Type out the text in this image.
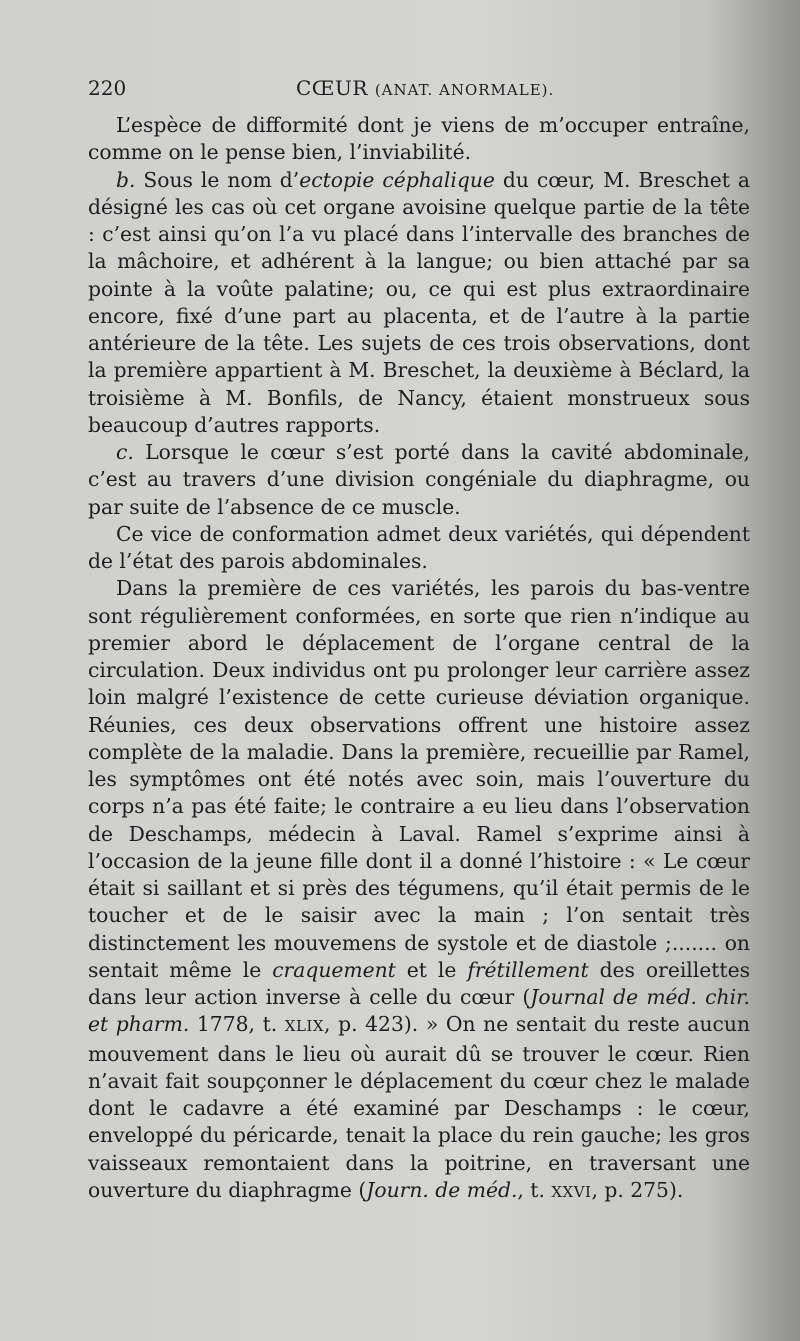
220	CŒUR (ANAT. ANORMALE).

L’espèce de difformité dont je viens de m’occuper entraîne, comme on le pense bien, l’inviabilité.

b. Sous le nom d’ectopie céphalique du cœur, M. Breschet a désigné les cas où cet organe avoisine quelque partie de la tête : c’est ainsi qu’on l’a vu placé dans l’intervalle des branches de la mâchoire, et adhérent à la langue; ou bien attaché par sa pointe à la voûte palatine; ou, ce qui est plus extraordinaire encore, fixé d’une part au placenta, et de l’autre à la partie antérieure de la tête. Les sujets de ces trois observations, dont la première appartient à M. Breschet, la deuxième à Béclard, la troisième à M. Bonfils, de Nancy, étaient monstrueux sous beaucoup d’autres rapports.

c. Lorsque le cœur s’est porté dans la cavité abdominale, c’est au travers d’une division congéniale du diaphragme, ou par suite de l’absence de ce muscle.

Ce vice de conformation admet deux variétés, qui dépendent de l’état des parois abdominales.

Dans la première de ces variétés, les parois du bas-ventre sont régulièrement conformées, en sorte que rien n’indique au premier abord le déplacement de l’organe central de la circulation. Deux individus ont pu prolonger leur carrière assez loin malgré l’existence de cette curieuse déviation organique. Réunies, ces deux observations offrent une histoire assez complète de la maladie. Dans la première, recueillie par Ramel, les symptômes ont été notés avec soin, mais l’ouverture du corps n’a pas été faite; le contraire a eu lieu dans l’observation de Deschamps, médecin à Laval. Ramel s’exprime ainsi à l’occasion de la jeune fille dont il a donné l’histoire : « Le cœur était si saillant et si près des tégumens, qu’il était permis de le toucher et de le saisir avec la main ; l’on sentait très distinctement les mouvemens de systole et de diastole ;....... on sentait même le craquement et le frétillement des oreillettes dans leur action inverse à celle du cœur (Journal de méd. chir. et pharm. 1778, t. XLIX, p. 423). » On ne sentait du reste aucun mouvement dans le lieu où aurait dû se trouver le cœur. Rien n’avait fait soupçonner le déplacement du cœur chez le malade dont le cadavre a été examiné par Deschamps : le cœur, enveloppé du péricarde, tenait la place du rein gauche; les gros vaisseaux remontaient dans la poitrine, en traversant une ouverture du diaphragme (Journ. de méd., t. XXVI, p. 275).
